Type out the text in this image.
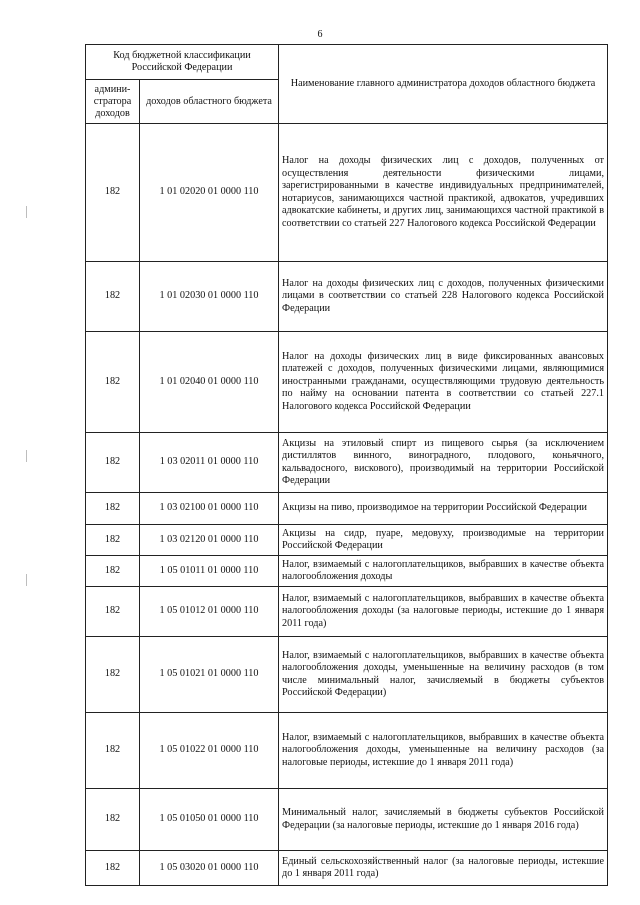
6
Код бюджетной классификации Российской Федерации		Наименование главного администратора доходов областного бюджета
админи-стратора доходов	доходов областного бюджета	
182	1 01 02020 01 0000 110	Налог на доходы физических лиц с доходов, полученных от осуществления деятельности физическими лицами, зарегистрированными в качестве индивидуальных предпринимателей, нотариусов, занимающихся частной практикой, адвокатов, учредивших адвокатские кабинеты, и других лиц, занимающихся частной практикой в соответствии со статьей 227 Налогового кодекса Российской Федерации
182	1 01 02030 01 0000 110	Налог на доходы физических лиц с доходов, полученных физическими лицами в соответствии со статьей 228 Налогового кодекса Российской Федерации
182	1 01 02040 01 0000 110	Налог на доходы физических лиц в виде фиксированных авансовых платежей с доходов, полученных физическими лицами, являющимися иностранными гражданами, осуществляющими трудовую деятельность по найму на основании патента в соответствии со статьей 227.1 Налогового кодекса Российской Федерации
182	1 03 02011 01 0000 110	Акцизы на этиловый спирт из пищевого сырья (за исключением дистиллятов винного, виноградного, плодового, коньячного, кальвадосного, вискового), производимый на территории Российской Федерации
182	1 03 02100 01 0000 110	Акцизы на пиво, производимое на территории Российской Федерации
182	1 03 02120 01 0000 110	Акцизы на сидр, пуаре, медовуху, производимые на территории Российской Федерации
182	1 05 01011 01 0000 110	Налог, взимаемый с налогоплательщиков, выбравших в качестве объекта налогообложения доходы
182	1 05 01012 01 0000 110	Налог, взимаемый с налогоплательщиков, выбравших в качестве объекта налогообложения доходы (за налоговые периоды, истекшие до 1 января 2011 года)
182	1 05 01021 01 0000 110	Налог, взимаемый с налогоплательщиков, выбравших в качестве объекта налогообложения доходы, уменьшенные на величину расходов (в том числе минимальный налог, зачисляемый в бюджеты субъектов Российской Федерации)
182	1 05 01022 01 0000 110	Налог, взимаемый с налогоплательщиков, выбравших в качестве объекта налогообложения доходы, уменьшенные на величину расходов (за налоговые периоды, истекшие до 1 января 2011 года)
182	1 05 01050 01 0000 110	Минимальный налог, зачисляемый в бюджеты субъектов Российской Федерации (за налоговые периоды, истекшие до 1 января 2016 года)
182	1 05 03020 01 0000 110	Единый сельскохозяйственный налог (за налоговые периоды, истекшие до 1 января 2011 года)
